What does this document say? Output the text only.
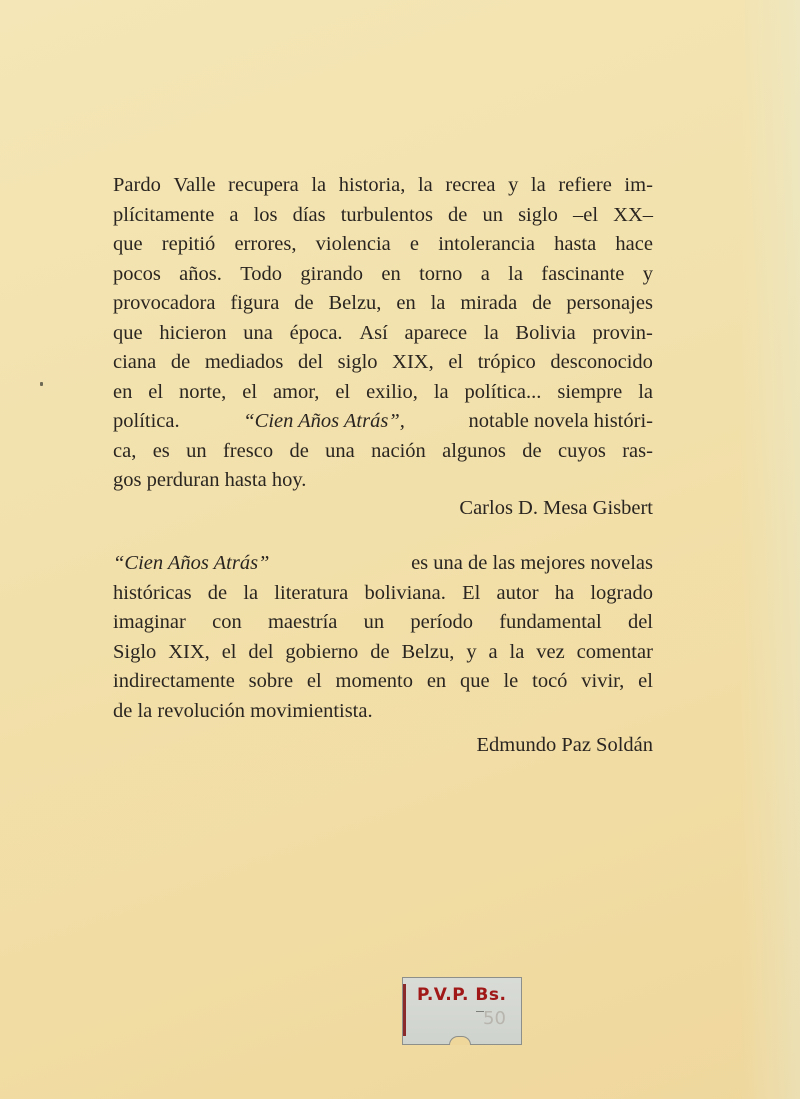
Pardo Valle recupera la historia, la recrea y la refiere im-
plícitamente a los días turbulentos de un siglo –el XX–
que repitió errores, violencia e intolerancia hasta hace
pocos años. Todo girando en torno a la fascinante y
provocadora figura de Belzu, en la mirada de personajes
que hicieron una época. Así aparece la Bolivia provin-
ciana de mediados del siglo XIX, el trópico desconocido
en el norte, el amor, el exilio, la política... siempre la
política.	“Cien Años Atrás”,	notable novela históri-
ca, es un fresco de una nación algunos de cuyos ras-
gos perduran hasta hoy.
Carlos D. Mesa Gisbert
“Cien Años Atrás”	es una de las mejores novelas
históricas de la literatura boliviana. El autor ha logrado
imaginar con maestría un período fundamental del
Siglo XIX, el del gobierno de Belzu, y a la vez comentar
indirectamente sobre el momento en que le tocó vivir, el
de la revolución movimientista.
Edmundo Paz Soldán
P.V.P. Bs.
50
